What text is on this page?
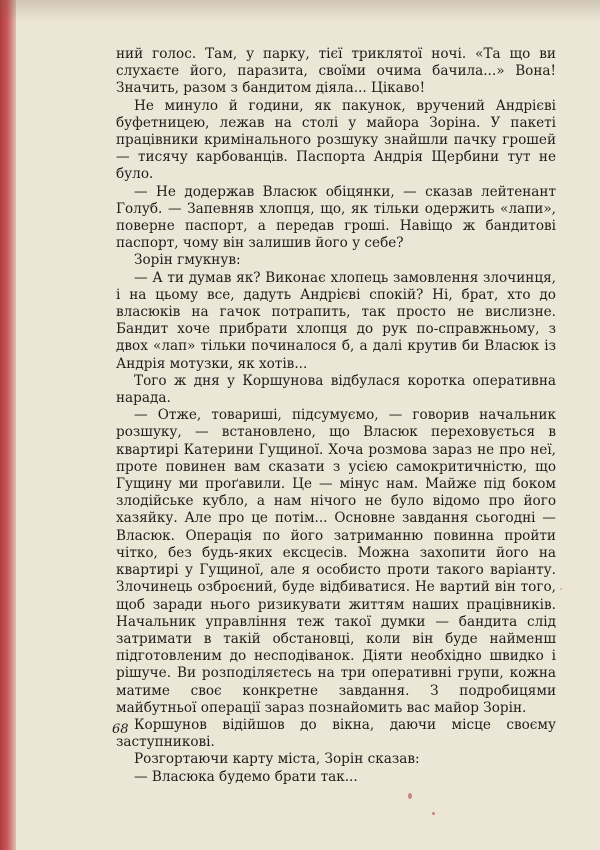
ний голос. Там, у парку, тієї триклятої ночі. «Та що ви слухаєте його, паразита, своїми очима бачила...» Вона! Значить, разом з бандитом діяла... Цікаво!

Не минуло й години, як пакунок, вручений Андрієві буфетницею, лежав на столі у майора Зоріна. У пакеті працівники кримінального розшуку знайшли пачку грошей — тисячу карбованців. Паспорта Андрія Щербини тут не було.

— Не додержав Власюк обіцянки, — сказав лейтенант Голуб. — Запевняв хлопця, що, як тільки одержить «лапи», поверне паспорт, а передав гроші. Навіщо ж бандитові паспорт, чому він залишив його у себе?

Зорін гмукнув:

— А ти думав як? Виконає хлопець замовлення злочинця, і на цьому все, дадуть Андрієві спокій? Ні, брат, хто до власюків на гачок потрапить, так просто не вислизне. Бандит хоче прибрати хлопця до рук по-справжньому, з двох «лап» тільки починалося б, а далі крутив би Власюк із Андрія мотузки, як хотів...

Того ж дня у Коршунова відбулася коротка оперативна нарада.

— Отже, товариші, підсумуємо, — говорив начальник розшуку, — встановлено, що Власюк переховується в квартирі Катерини Гущиної. Хоча розмова зараз не про неї, проте повинен вам сказати з усією самокритичністю, що Гущину ми проґавили. Це — мінус нам. Майже під боком злодійське кубло, а нам нічого не було відомо про його хазяйку. Але про це потім... Основне завдання сьогодні — Власюк. Операція по його затриманню повинна пройти чітко, без будь-яких ексцесів. Можна захопити його на квартирі у Гущиної, але я особисто проти такого варіанту. Злочинець озброєний, буде відбиватися. Не вартий він того, щоб заради нього ризикувати життям наших працівників. Начальник управління теж такої думки — бандита слід затримати в такій обстановці, коли він буде найменш підготовленим до несподіванок. Діяти необхідно швидко і рішуче. Ви розподіляєтесь на три оперативні групи, кожна матиме своє конкретне завдання. З подробицями майбутньої операції зараз познайомить вас майор Зорін.

Коршунов відійшов до вікна, даючи місце своєму заступникові.

Розгортаючи карту міста, Зорін сказав:

— Власюка будемо брати так...

68
